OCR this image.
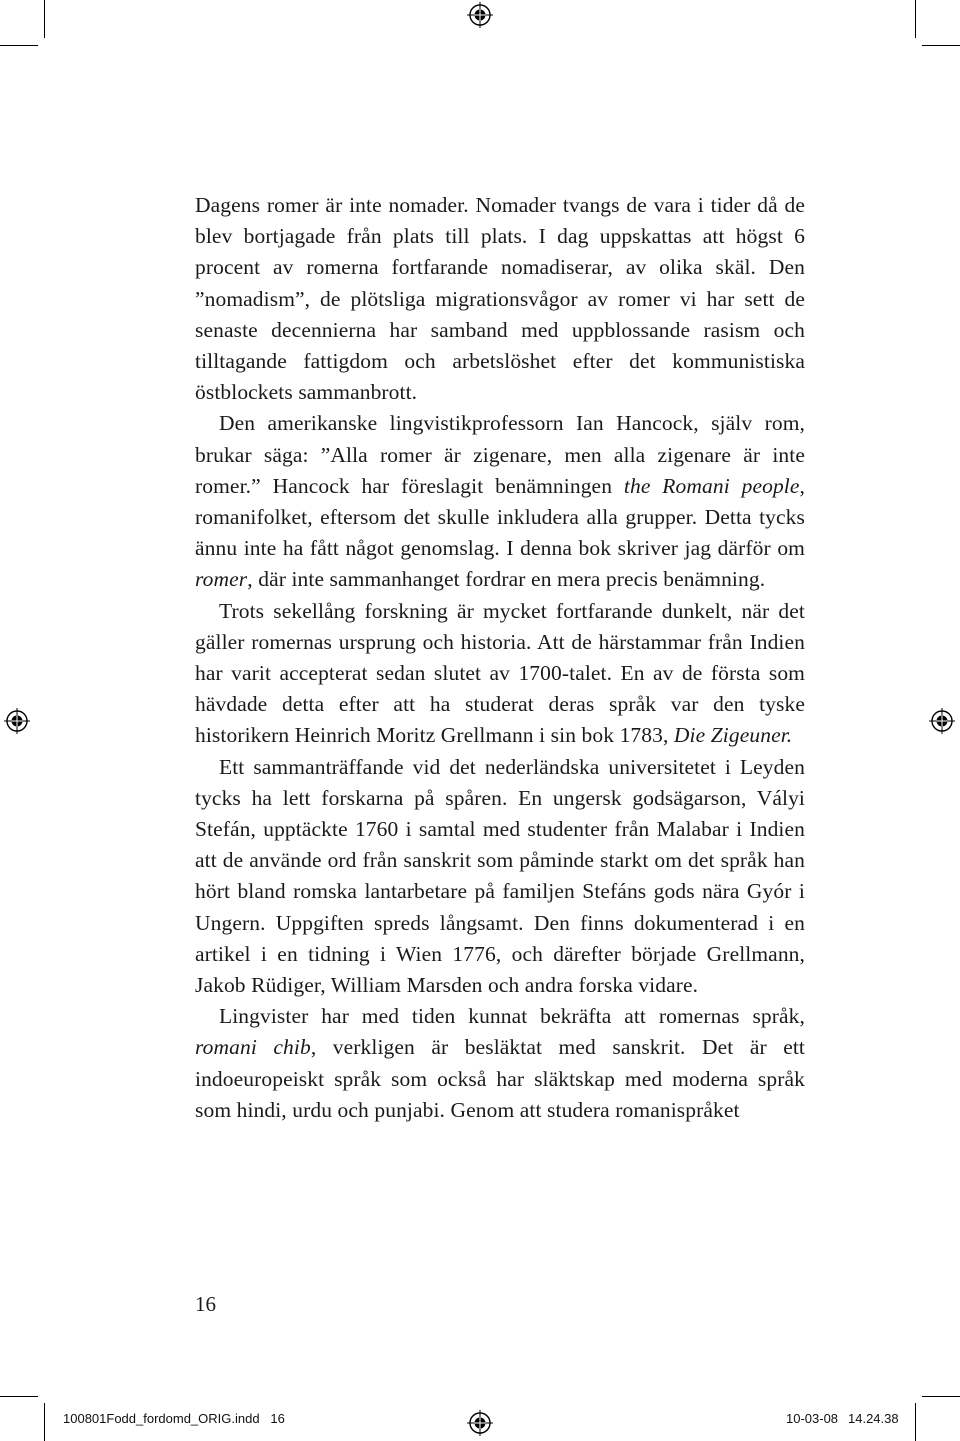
Dagens romer är inte nomader. Nomader tvangs de vara i tider då de blev bortjagade från plats till plats. I dag uppskattas att högst 6 procent av romerna fortfarande nomadiserar, av olika skäl. Den ”nomadism”, de plötsliga migrationsvågor av romer vi har sett de senaste decennierna har samband med uppblossande rasism och tilltagande fattigdom och arbetslöshet efter det kommunistiska östblockets sammanbrott.

Den amerikanske lingvistikprofessorn Ian Hancock, själv rom, brukar säga: ”Alla romer är zigenare, men alla zigenare är inte romer.” Hancock har föreslagit benämningen the Romani people, romanifolket, eftersom det skulle inkludera alla grupper. Detta tycks ännu inte ha fått något genomslag. I denna bok skriver jag därför om romer, där inte sammanhanget fordrar en mera precis benämning.

Trots sekellång forskning är mycket fortfarande dunkelt, när det gäller romernas ursprung och historia. Att de härstammar från Indien har varit accepterat sedan slutet av 1700-talet. En av de första som hävdade detta efter att ha studerat deras språk var den tyske historikern Heinrich Moritz Grellmann i sin bok 1783, Die Zigeuner.

Ett sammanträffande vid det nederländska universitetet i Leyden tycks ha lett forskarna på spåren. En ungersk godsägarson, Vályi Stefán, upptäckte 1760 i samtal med studenter från Malabar i Indien att de använde ord från sanskrit som påminde starkt om det språk han hört bland romska lantarbetare på familjen Stefáns gods nära Gyór i Ungern. Uppgiften spreds långsamt. Den finns dokumenterad i en artikel i en tidning i Wien 1776, och därefter började Grellmann, Jakob Rüdiger, William Marsden och andra forska vidare.

Lingvister har med tiden kunnat bekräfta att romernas språk, romani chib, verkligen är besläktat med sanskrit. Det är ett indoeuropeiskt språk som också har släktskap med moderna språk som hindi, urdu och punjabi. Genom att studera romanispråket

16
100801Fodd_fordomd_ORIG.indd   16	10-03-08 14.24.38
